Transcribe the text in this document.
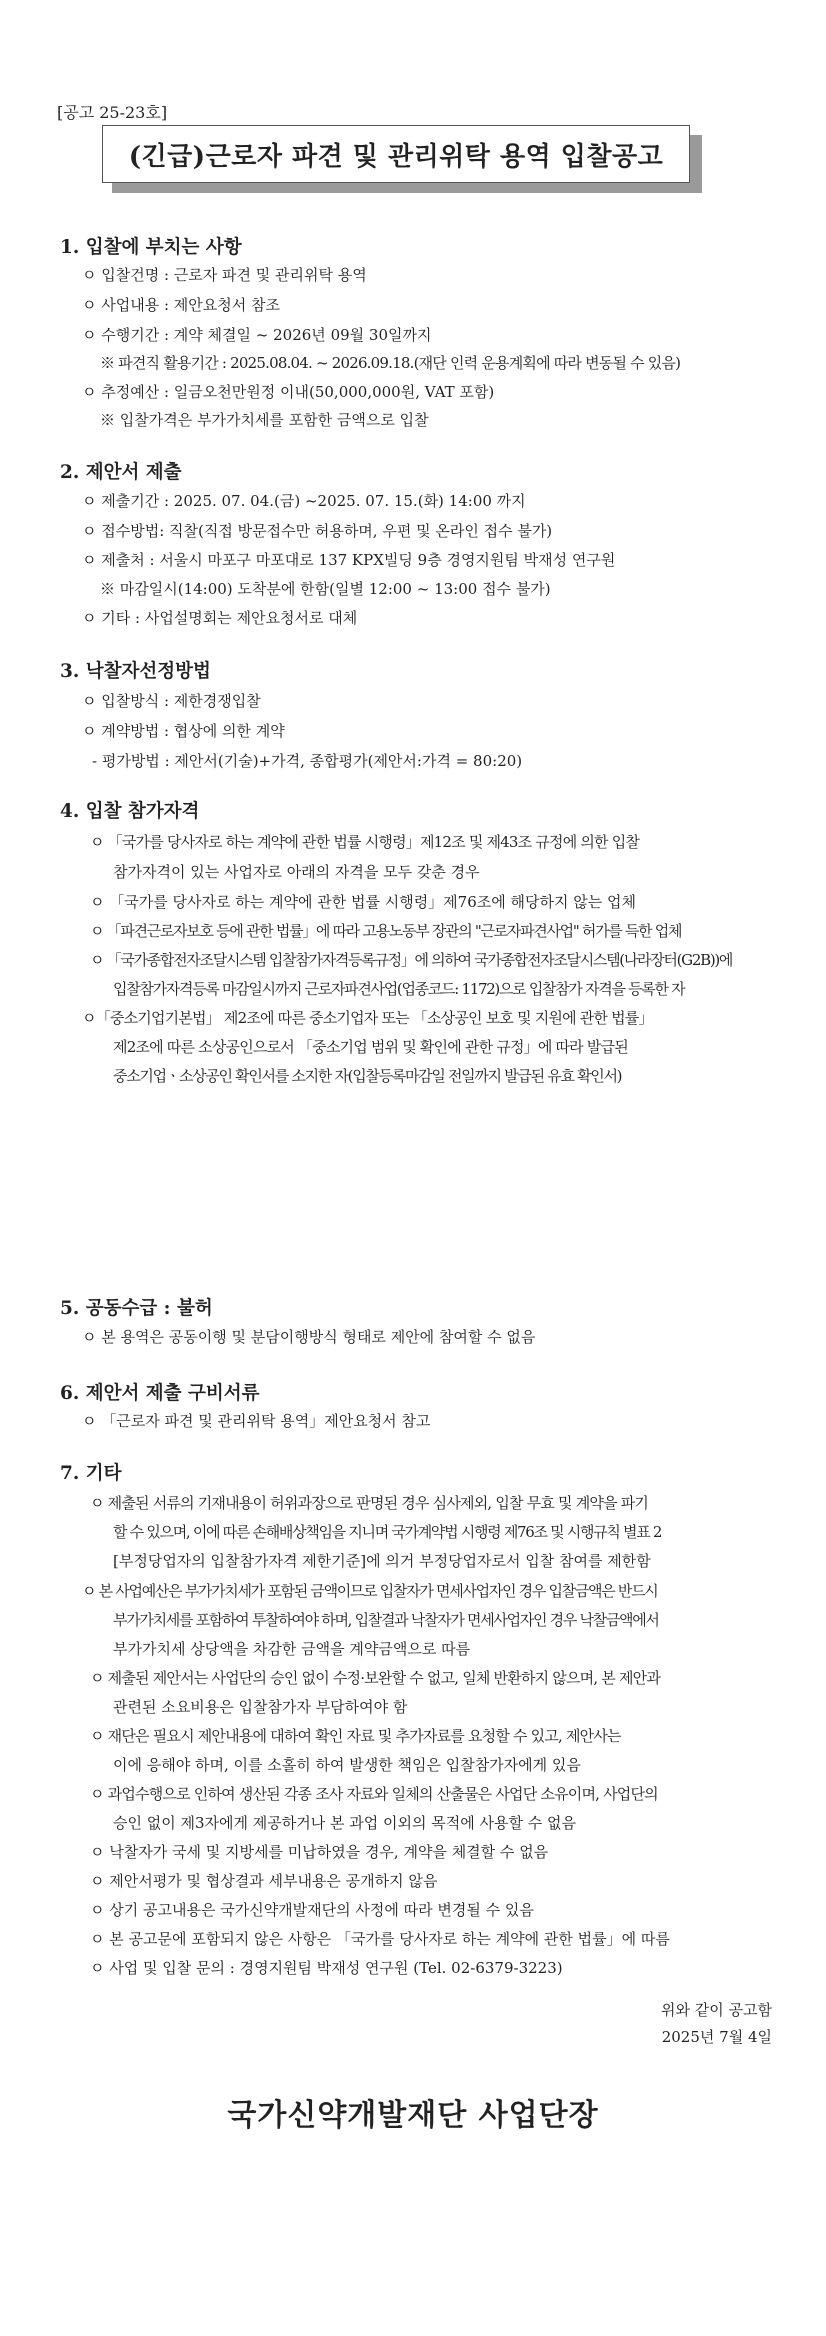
[공고 25-23호]
(긴급)근로자 파견 및 관리위탁 용역 입찰공고
1. 입찰에 부치는 사항
ㅇ 입찰건명 : 근로자 파견 및 관리위탁 용역
ㅇ 사업내용 : 제안요청서 참조
ㅇ 수행기간 : 계약 체결일 ~ 2026년 09월 30일까지
※ 파견직 활용기간 : 2025.08.04. ~ 2026.09.18.(재단 인력 운용계획에 따라 변동될 수 있음)
ㅇ 추정예산 : 일금오천만원정 이내(50,000,000원, VAT 포함)
※ 입찰가격은 부가가치세를 포함한 금액으로 입찰
2. 제안서 제출
ㅇ 제출기간 : 2025. 07. 04.(금) ~2025. 07. 15.(화) 14:00 까지
ㅇ 접수방법: 직찰(직접 방문접수만 허용하며, 우편 및 온라인 접수 불가)
ㅇ 제출처 : 서울시 마포구 마포대로 137 KPX빌딩 9층 경영지원팀 박재성 연구원
※ 마감일시(14:00) 도착분에 한함(일별 12:00 ~ 13:00 접수 불가)
ㅇ 기타 : 사업설명회는 제안요청서로 대체
3. 낙찰자선정방법
ㅇ 입찰방식 : 제한경쟁입찰
ㅇ 계약방법 : 협상에 의한 계약
- 평가방법 : 제안서(기술)+가격, 종합평가(제안서:가격 = 80:20)
4. 입찰 참가자격
ㅇ 「국가를 당사자로 하는 계약에 관한 법률 시행령」제12조 및 제43조 규정에 의한 입찰
참가자격이 있는 사업자로 아래의 자격을 모두 갖춘 경우
ㅇ 「국가를 당사자로 하는 계약에 관한 법률 시행령」제76조에 해당하지 않는 업체
ㅇ 「파견근로자보호 등에 관한 법률」에 따라 고용노동부 장관의 "근로자파견사업" 허가를 득한 업체
ㅇ 「국가종합전자조달시스템 입찰참가자격등록규정」에 의하여 국가종합전자조달시스템(나라장터(G2B))에
입찰참가자격등록 마감일시까지 근로자파견사업(업종코드: 1172)으로 입찰참가 자격을 등록한 자
ㅇ「중소기업기본법」 제2조에 따른 중소기업자 또는 「소상공인 보호 및 지원에 관한 법률」
제2조에 따른 소상공인으로서 「중소기업 범위 및 확인에 관한 규정」에 따라 발급된
중소기업ㆍ소상공인 확인서를 소지한 자(입찰등록마감일 전일까지 발급된 유효 확인서)
5. 공동수급 : 불허
ㅇ 본 용역은 공동이행 및 분담이행방식 형태로 제안에 참여할 수 없음
6. 제안서 제출 구비서류
ㅇ 「근로자 파견 및 관리위탁 용역」제안요청서 참고
7. 기타
ㅇ 제출된 서류의 기재내용이 허위과장으로 판명된 경우 심사제외, 입찰 무효 및 계약을 파기
할 수 있으며, 이에 따른 손해배상책임을 지니며 국가계약법 시행령 제76조 및 시행규칙 별표 2
[부정당업자의 입찰참가자격 제한기준]에 의거 부정당업자로서 입찰 참여를 제한함
ㅇ 본 사업예산은 부가가치세가 포함된 금액이므로 입찰자가 면세사업자인 경우 입찰금액은 반드시
부가가치세를 포함하여 투찰하여야 하며, 입찰결과 낙찰자가 면세사업자인 경우 낙찰금액에서
부가가치세 상당액을 차감한 금액을 계약금액으로 따름
ㅇ 제출된 제안서는 사업단의 승인 없이 수정·보완할 수 없고, 일체 반환하지 않으며, 본 제안과
관련된 소요비용은 입찰참가자 부담하여야 함
ㅇ 재단은 필요시 제안내용에 대하여 확인 자료 및 추가자료를 요청할 수 있고, 제안사는
이에 응해야 하며, 이를 소홀히 하여 발생한 책임은 입찰참가자에게 있음
ㅇ 과업수행으로 인하여 생산된 각종 조사 자료와 일체의 산출물은 사업단 소유이며, 사업단의
승인 없이 제3자에게 제공하거나 본 과업 이외의 목적에 사용할 수 없음
ㅇ 낙찰자가 국세 및 지방세를 미납하였을 경우, 계약을 체결할 수 없음
ㅇ 제안서평가 및 협상결과 세부내용은 공개하지 않음
ㅇ 상기 공고내용은 국가신약개발재단의 사정에 따라 변경될 수 있음
ㅇ 본 공고문에 포함되지 않은 사항은 「국가를 당사자로 하는 계약에 관한 법률」에 따름
ㅇ 사업 및 입찰 문의 : 경영지원팀 박재성 연구원 (Tel. 02-6379-3223)
위와 같이 공고함
2025년 7월 4일
국가신약개발재단 사업단장
